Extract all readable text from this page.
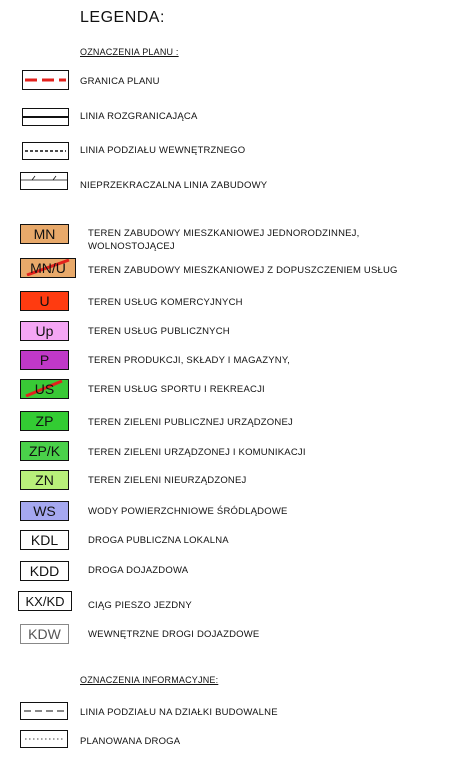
LEGENDA:
OZNACZENIA PLANU :
GRANICA PLANU
LINIA ROZGRANICAJĄCA
LINIA PODZIAŁU WEWNĘTRZNEGO
NIEPRZEKRACZALNA LINIA ZABUDOWY
MN	TEREN ZABUDOWY MIESZKANIOWEJ JEDNORODZINNEJ,
WOLNOSTOJĄCEJ
MN/U TEREN ZABUDOWY MIESZKANIOWEJ Z DOPUSZCZENIEM USŁUG
U	TEREN USŁUG KOMERCYJNYCH
Up	TEREN USŁUG PUBLICZNYCH
P	TEREN PRODUKCJI, SKŁADY I MAGAZYNY,
US	TEREN USŁUG SPORTU I REKREACJI
ZP	TEREN ZIELENI PUBLICZNEJ URZĄDZONEJ
ZP/K	TEREN ZIELENI URZĄDZONEJ I KOMUNIKACJI
ZN	TEREN ZIELENI NIEURZĄDZONEJ
WS	WODY POWIERZCHNIOWE ŚRÓDLĄDOWE
KDL	DROGA PUBLICZNA LOKALNA
KDD	DROGA DOJAZDOWA
KX/KD CIĄG PIESZO JEZDNY
KDW	WEWNĘTRZNE DROGI DOJAZDOWE
OZNACZENIA INFORMACYJNE:
LINIA PODZIAŁU NA DZIAŁKI BUDOWALNE
PLANOWANA DROGA
